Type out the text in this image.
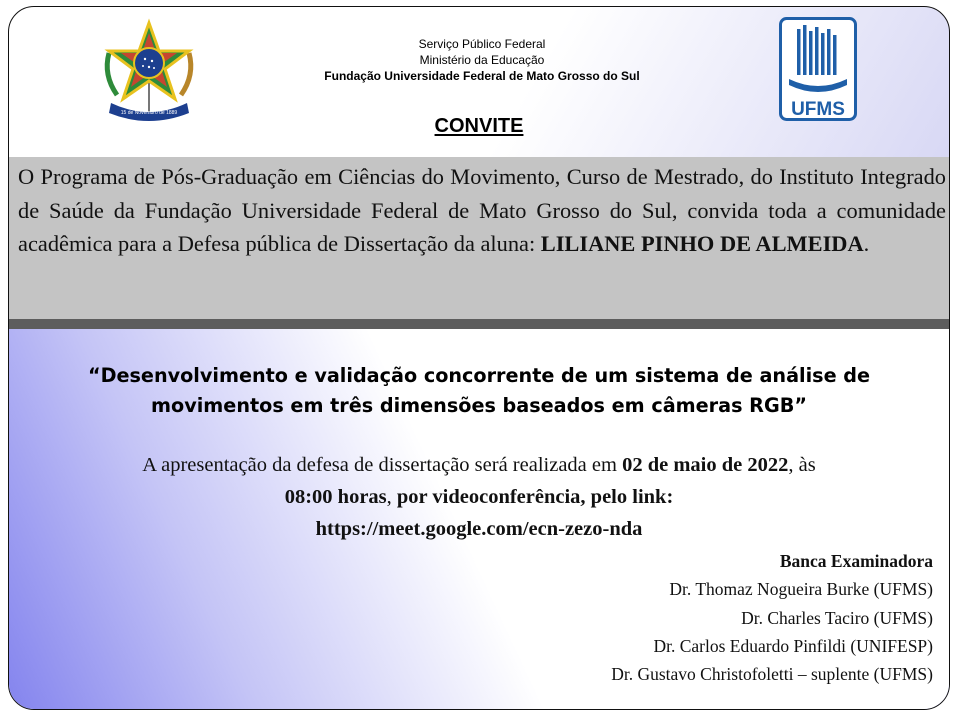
15 de Novembro de 1889
Serviço Público Federal
Ministério da Educação
Fundação Universidade Federal de Mato Grosso do Sul
UFMS
CONVITE
O Programa de Pós-Graduação em Ciências do Movimento, Curso de Mestrado, do Instituto Integrado de Saúde da Fundação Universidade Federal de Mato Grosso do Sul, convida toda a comunidade acadêmica para a Defesa pública de Dissertação da aluna: LILIANE PINHO DE ALMEIDA.
“Desenvolvimento e validação concorrente de um sistema de análise de
movimentos em três dimensões baseados em câmeras RGB”
A apresentação da defesa de dissertação será realizada em 02 de maio de 2022, às
08:00 horas, por videoconferência, pelo link:
https://meet.google.com/ecn-zezo-nda
Banca Examinadora
Dr. Thomaz Nogueira Burke (UFMS)
Dr. Charles Taciro (UFMS)
Dr. Carlos Eduardo Pinfildi (UNIFESP)
Dr. Gustavo Christofoletti – suplente (UFMS)
